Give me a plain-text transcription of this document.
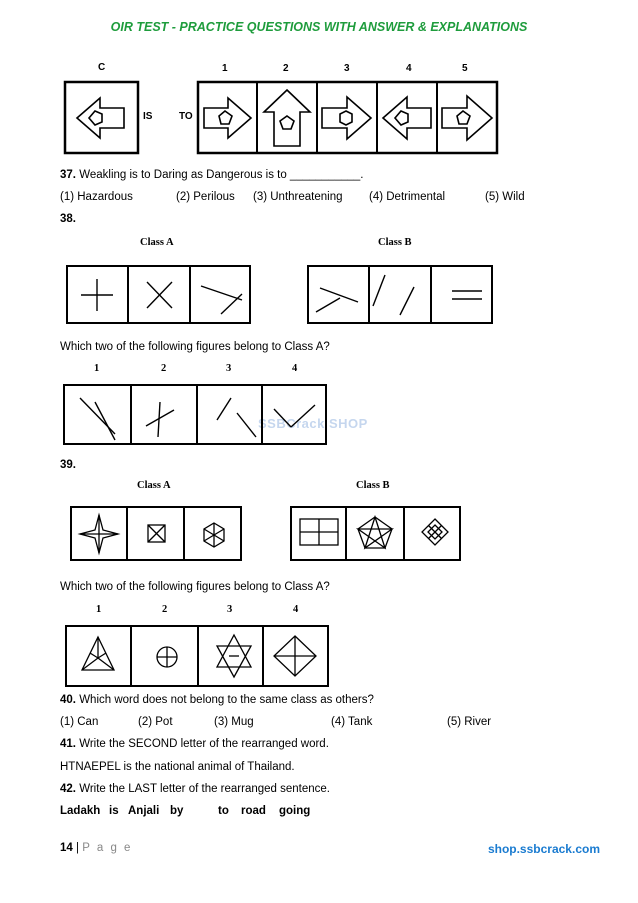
OIR TEST - PRACTICE QUESTIONS WITH ANSWER & EXPLANATIONS
C	1	2	3	4	5
IS	TO
37. Weakling is to Daring as Dangerous is to ___________.
(1) Hazardous	(2) Perilous (3) Unthreatening (4) Detrimental	(5) Wild
38.
Class A	Class B
Which two of the following figures belong to Class A?
1	2	3	4
SSBCrack SHOP
39.
Class A	Class B
Which two of the following figures belong to Class A?
1	2	3	4
40. Which word does not belong to the same class as others?
(1) Can	(2) Pot	(3) Mug	(4) Tank	(5) River
41. Write the SECOND letter of the rearranged word.
HTNAEPEL is the national animal of Thailand.
42. Write the LAST letter of the rearranged sentence.
Ladakh is Anjali by	to road going
14 | P a g e	shop.ssbcrack.com
